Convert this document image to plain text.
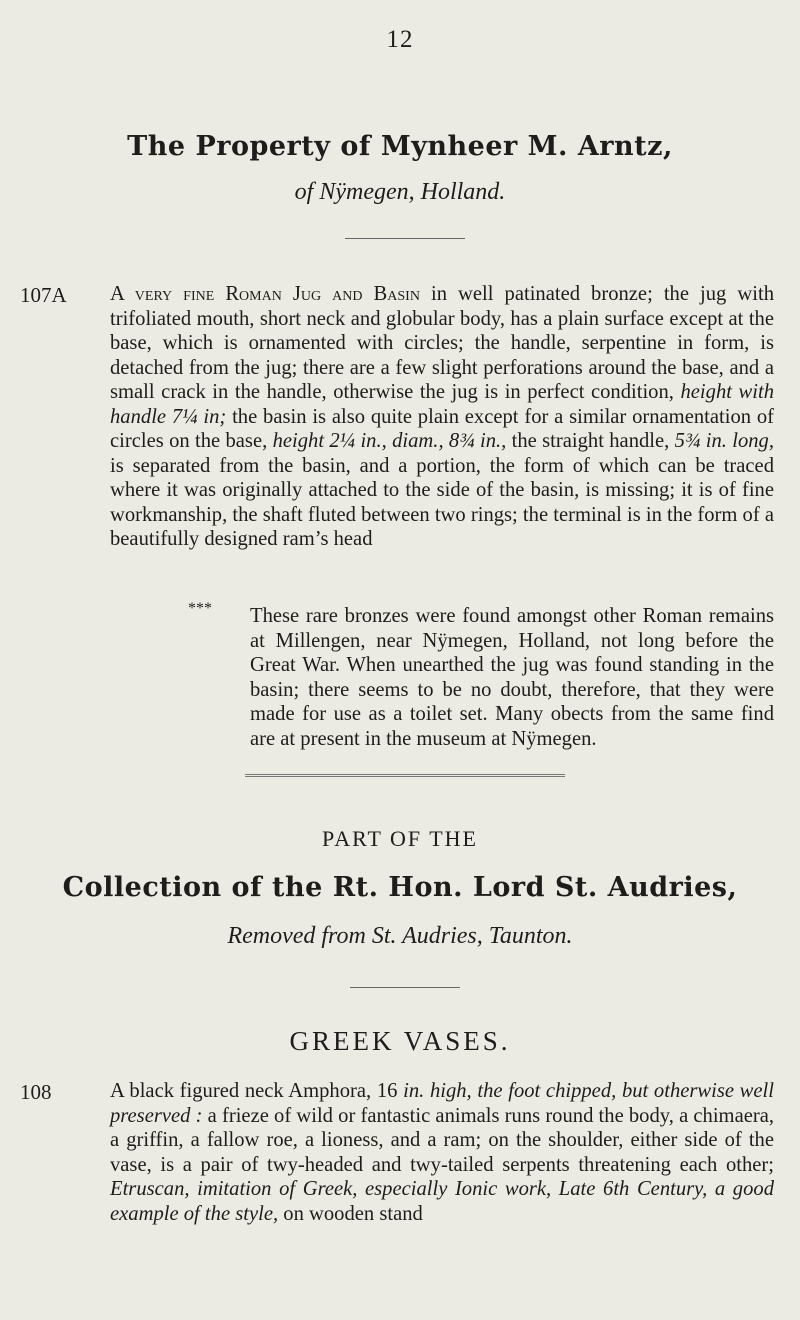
12
The Property of Mynheer M. Arntz,
of Nÿmegen, Holland.
107A A very fine Roman Jug and Basin in well patinated bronze; the jug with trifoliated mouth, short neck and globular body, has a plain surface except at the base, which is ornamented with circles; the handle, serpentine in form, is detached from the jug; there are a few slight perforations around the base, and a small crack in the handle, otherwise the jug is in perfect condition, height with handle 7¼ in; the basin is also quite plain except for a similar ornamentation of circles on the base, height 2¼ in., diam., 8¾ in., the straight handle, 5¾ in. long, is separated from the basin, and a portion, the form of which can be traced where it was originally attached to the side of the basin, is missing; it is of fine workmanship, the shaft fluted between two rings; the terminal is in the form of a beautifully designed ram’s head
*** These rare bronzes were found amongst other Roman remains at Millengen, near Nÿmegen, Holland, not long before the Great War. When unearthed the jug was found standing in the basin; there seems to be no doubt, therefore, that they were made for use as a toilet set. Many obects from the same find are at present in the museum at Nÿmegen.
PART OF THE
Collection of the Rt. Hon. Lord St. Audries,
Removed from St. Audries, Taunton.
GREEK VASES.
108	A black figured neck Amphora, 16 in. high, the foot chipped, but otherwise well preserved : a frieze of wild or fantastic animals runs round the body, a chimaera, a griffin, a fallow roe, a lioness, and a ram; on the shoulder, either side of the vase, is a pair of twy-headed and twy-tailed serpents threatening each other; Etruscan, imitation of Greek, especially Ionic work, Late 6th Century, a good example of the style, on wooden stand
